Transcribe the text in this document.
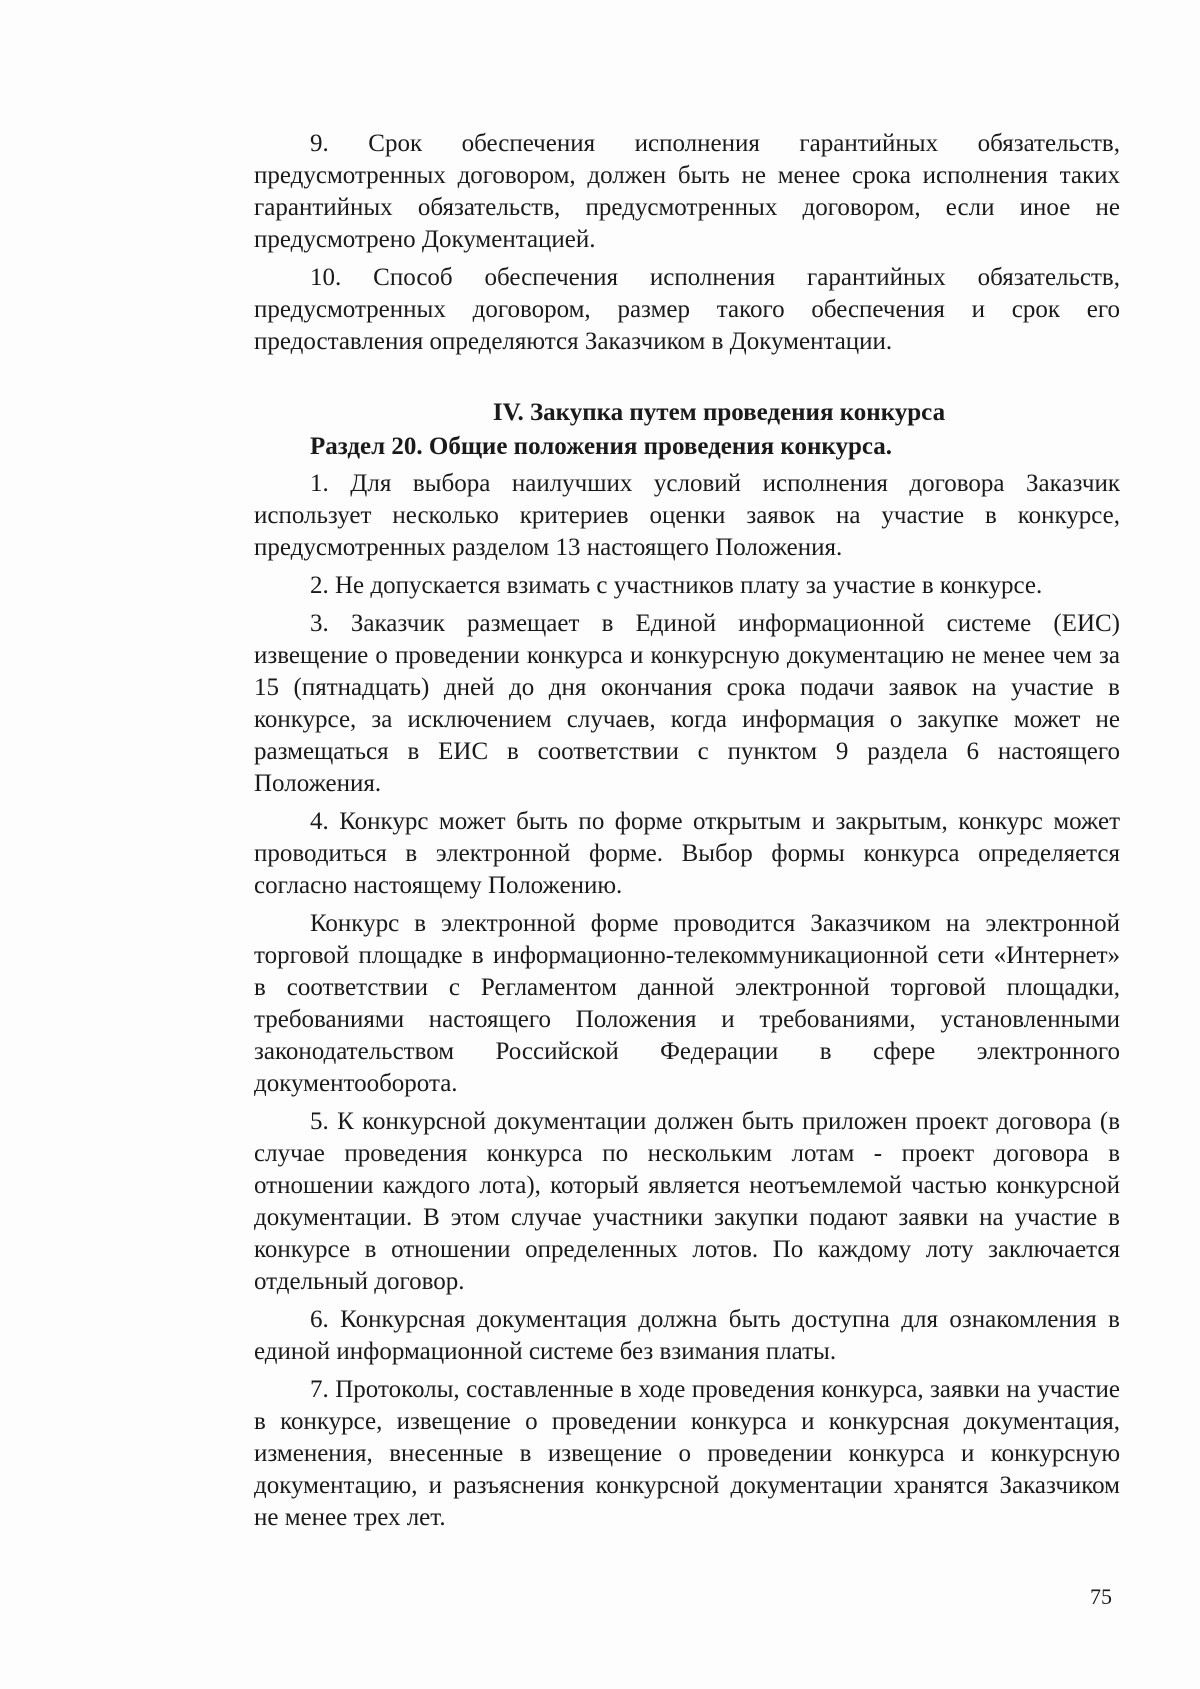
9. Срок обеспечения исполнения гарантийных обязательств, предусмотренных договором, должен быть не менее срока исполнения таких гарантийных обязательств, предусмотренных договором, если иное не предусмотрено Документацией.

10. Способ обеспечения исполнения гарантийных обязательств, предусмотренных договором, размер такого обеспечения и срок его предоставления определяются Заказчиком в Документации.

IV. Закупка путем проведения конкурса

Раздел 20. Общие положения проведения конкурса.

1. Для выбора наилучших условий исполнения договора Заказчик использует несколько критериев оценки заявок на участие в конкурсе, предусмотренных разделом 13 настоящего Положения.

2. Не допускается взимать с участников плату за участие в конкурсе.

3. Заказчик размещает в Единой информационной системе (ЕИС) извещение о проведении конкурса и конкурсную документацию не менее чем за 15 (пятнадцать) дней до дня окончания срока подачи заявок на участие в конкурсе, за исключением случаев, когда информация о закупке может не размещаться в ЕИС в соответствии с пунктом 9 раздела 6 настоящего Положения.

4. Конкурс может быть по форме открытым и закрытым, конкурс может проводиться в электронной форме. Выбор формы конкурса определяется согласно настоящему Положению.

Конкурс в электронной форме проводится Заказчиком на электронной торговой площадке в информационно-телекоммуникационной сети «Интернет» в соответствии с Регламентом данной электронной торговой площадки, требованиями настоящего Положения и требованиями, установленными законодательством Российской Федерации в сфере электронного документооборота.

5. К конкурсной документации должен быть приложен проект договора (в случае проведения конкурса по нескольким лотам - проект договора в отношении каждого лота), который является неотъемлемой частью конкурсной документации. В этом случае участники закупки подают заявки на участие в конкурсе в отношении определенных лотов. По каждому лоту заключается отдельный договор.

6. Конкурсная документация должна быть доступна для ознакомления в единой информационной системе без взимания платы.

7. Протоколы, составленные в ходе проведения конкурса, заявки на участие в конкурсе, извещение о проведении конкурса и конкурсная документация, изменения, внесенные в извещение о проведении конкурса и конкурсную документацию, и разъяснения конкурсной документации хранятся Заказчиком не менее трех лет.

75
